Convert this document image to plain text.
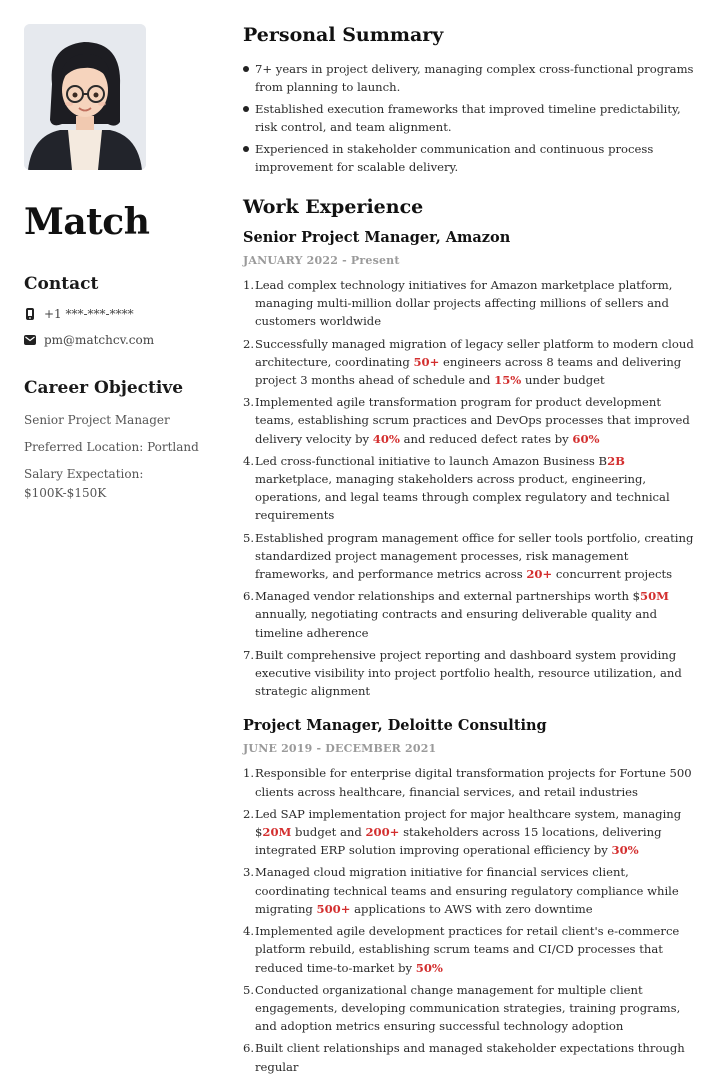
Match
Contact
+1 ***-***-****
pm@matchcv.com
Career Objective
Senior Project Manager
Preferred Location: Portland
Salary Expectation: $100K-$150K
Personal Summary
7+ years in project delivery, managing complex cross-functional programs from planning to launch.
Established execution frameworks that improved timeline predictability, risk control, and team alignment.
Experienced in stakeholder communication and continuous process improvement for scalable delivery.
Work Experience
Senior Project Manager, Amazon
JANUARY 2022 - Present
1. Lead complex technology initiatives for Amazon marketplace platform, managing multi-million dollar projects affecting millions of sellers and customers worldwide
2. Successfully managed migration of legacy seller platform to modern cloud architecture, coordinating 50+ engineers across 8 teams and delivering project 3 months ahead of schedule and 15% under budget
3. Implemented agile transformation program for product development teams, establishing scrum practices and DevOps processes that improved delivery velocity by 40% and reduced defect rates by 60%
4. Led cross-functional initiative to launch Amazon Business B2B marketplace, managing stakeholders across product, engineering, operations, and legal teams through complex regulatory and technical requirements
5. Established program management office for seller tools portfolio, creating standardized project management processes, risk management frameworks, and performance metrics across 20+ concurrent projects
6. Managed vendor relationships and external partnerships worth $50M annually, negotiating contracts and ensuring deliverable quality and timeline adherence
7. Built comprehensive project reporting and dashboard system providing executive visibility into project portfolio health, resource utilization, and strategic alignment
Project Manager, Deloitte Consulting
JUNE 2019 - DECEMBER 2021
1. Responsible for enterprise digital transformation projects for Fortune 500 clients across healthcare, financial services, and retail industries
2. Led SAP implementation project for major healthcare system, managing $20M budget and 200+ stakeholders across 15 locations, delivering integrated ERP solution improving operational efficiency by 30%
3. Managed cloud migration initiative for financial services client, coordinating technical teams and ensuring regulatory compliance while migrating 500+ applications to AWS with zero downtime
4. Implemented agile development practices for retail client's e-commerce platform rebuild, establishing scrum teams and CI/CD processes that reduced time-to-market by 50%
5. Conducted organizational change management for multiple client engagements, developing communication strategies, training programs, and adoption metrics ensuring successful technology adoption
6. Built client relationships and managed stakeholder expectations through regular
